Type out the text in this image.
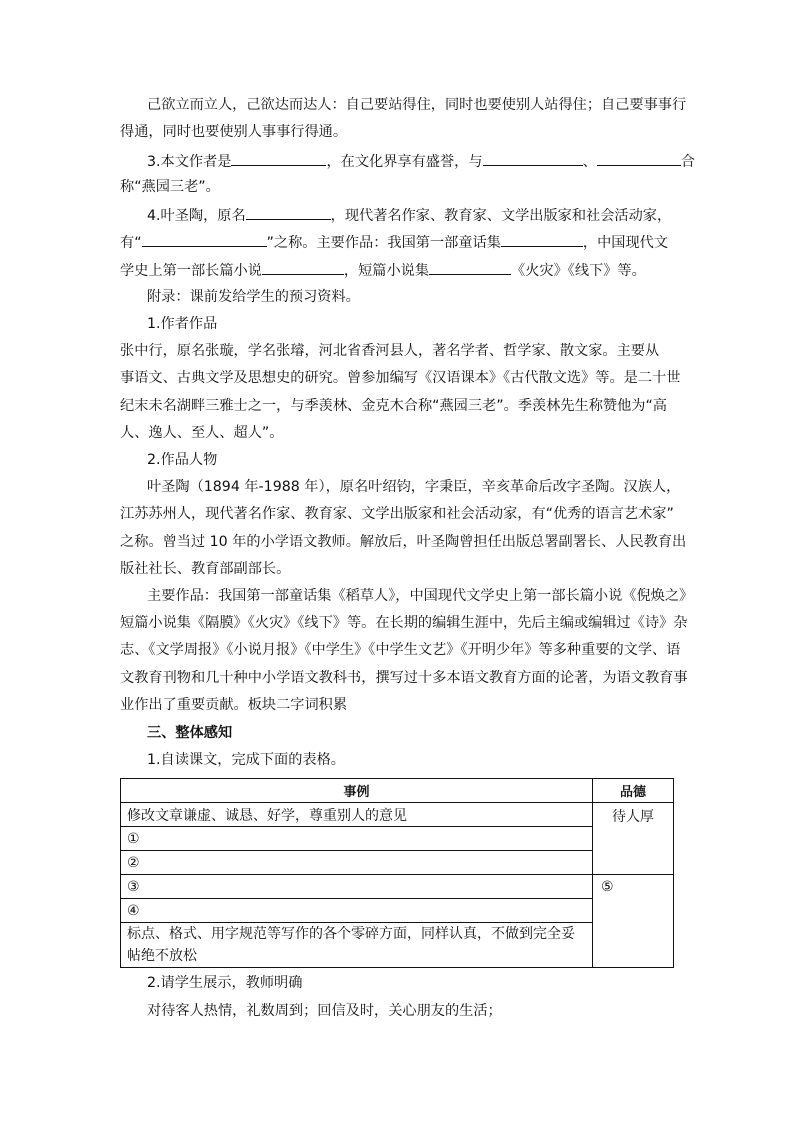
己欲立而立人，己欲达而达人：自己要站得住，同时也要使别人站得住；自己要事事行
得通，同时也要使别人事事行得通。
3.本文作者是	，在文化界享有盛誉，与	、	合
称“燕园三老”。
4.叶圣陶，原名	，现代著名作家、教育家、文学出版家和社会活动家，
有“	”之称。主要作品：我国第一部童话集	，中国现代文
学史上第一部长篇小说	，短篇小说集	《火灾》《线下》等。
附录：课前发给学生的预习资料。
1.作者作品
张中行，原名张璇，学名张璿，河北省香河县人，著名学者、哲学家、散文家。主要从
事语文、古典文学及思想史的研究。曾参加编写《汉语课本》《古代散文选》等。是二十世
纪末未名湖畔三雅士之一，与季羡林、金克木合称“燕园三老”。季羡林先生称赞他为“高
人、逸人、至人、超人”。
2.作品人物
叶圣陶（1894 年-1988 年），原名叶绍钧，字秉臣，辛亥革命后改字圣陶。汉族人，
江苏苏州人，现代著名作家、教育家、文学出版家和社会活动家，有“优秀的语言艺术家”
之称。曾当过 10 年的小学语文教师。解放后，叶圣陶曾担任出版总署副署长、人民教育出
版社社长、教育部副部长。
主要作品：我国第一部童话集《稻草人》，中国现代文学史上第一部长篇小说《倪焕之》
短篇小说集《隔膜》《火灾》《线下》等。在长期的编辑生涯中，先后主编或编辑过《诗》杂
志、《文学周报》《小说月报》《中学生》《中学生文艺》《开明少年》等多种重要的文学、语
文教育刊物和几十种中小学语文教科书，撰写过十多本语文教育方面的论著，为语文教育事
业作出了重要贡献。板块二字词积累
三、整体感知
1.自读课文，完成下面的表格。
事例	品德
修改文章谦虚、诚恳、好学，尊重别人的意见	待人厚
①	
②	
③	⑤
④	
标点、格式、用字规范等写作的各个零碎方面，同样认真，不做到完全妥帖绝不放松	
2.请学生展示，教师明确
对待客人热情，礼数周到；回信及时，关心朋友的生活；
